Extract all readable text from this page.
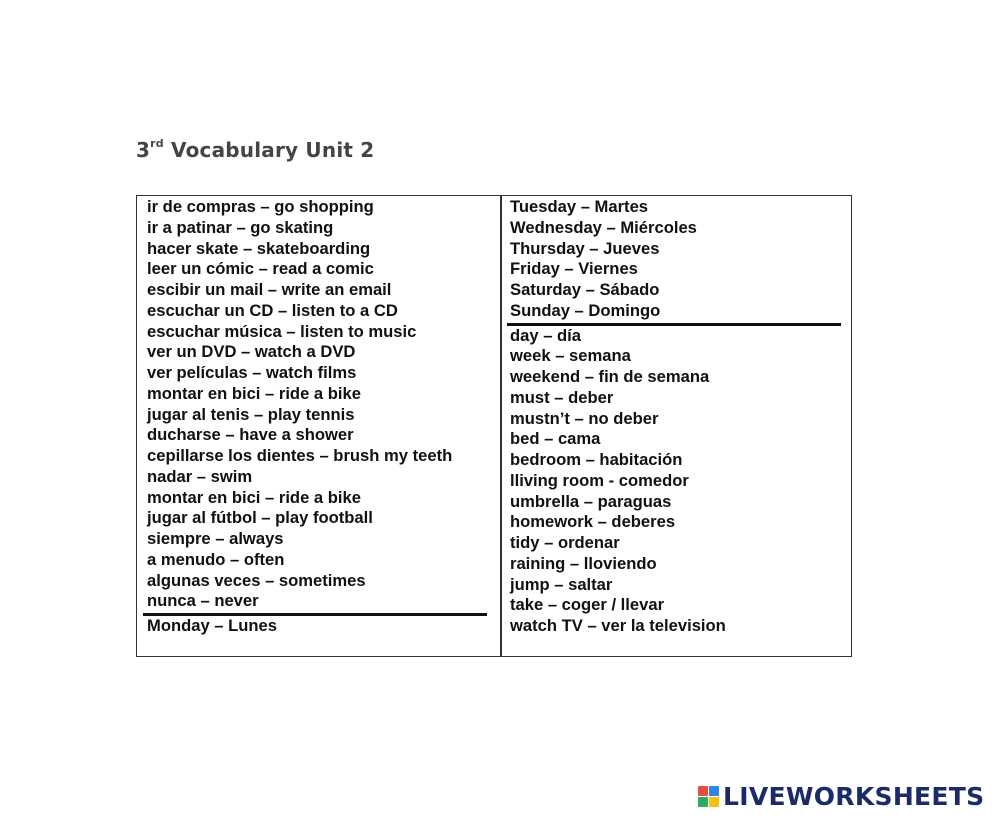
3rd Vocabulary Unit 2
ir de compras – go shopping
ir a patinar – go skating
hacer skate – skateboarding
leer un cómic – read a comic
escibir un mail – write an email
escuchar un CD – listen to a CD
escuchar música – listen to music
ver un DVD – watch a DVD
ver películas – watch films
montar en bici – ride a bike
jugar al tenis – play tennis
ducharse – have a shower
cepillarse los dientes – brush my teeth
nadar – swim
montar en bici – ride a bike
jugar al fútbol – play football
siempre – always
a menudo – often
algunas veces – sometimes
nunca – never
Monday – Lunes
Tuesday – Martes
Wednesday – Miércoles
Thursday – Jueves
Friday – Viernes
Saturday – Sábado
Sunday – Domingo
day – día
week – semana
weekend – fin de semana
must – deber
mustn’t – no deber
bed – cama
bedroom – habitación
lliving room - comedor
umbrella – paraguas
homework – deberes
tidy – ordenar
raining – lloviendo
jump – saltar
take – coger / llevar
watch TV – ver la television
LIVEWORKSHEETS
